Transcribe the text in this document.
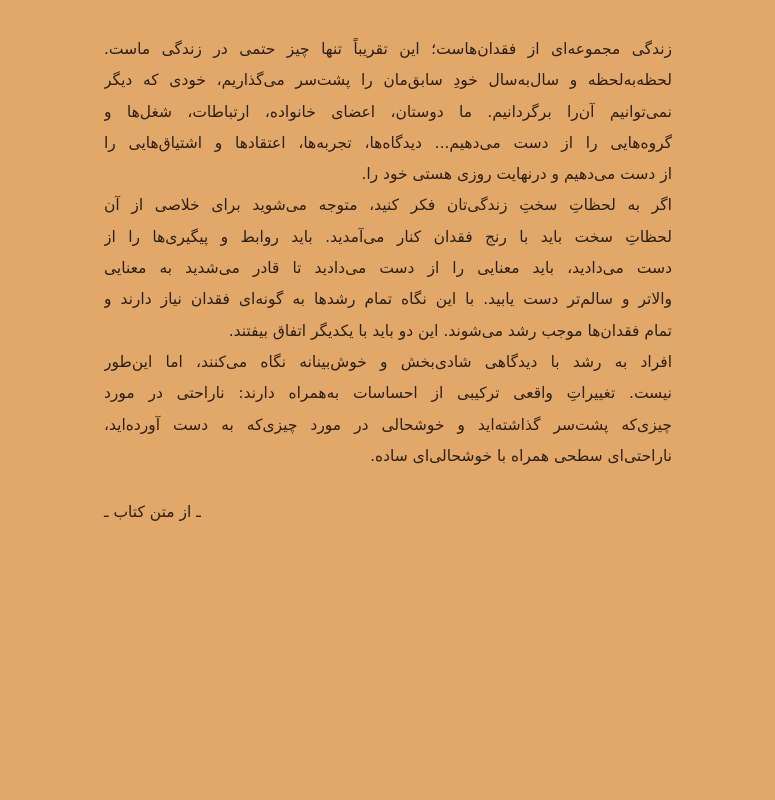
زندگی مجموعه‌ای از فقدان‌هاست؛ این تقریباً تنها چیز حتمی در زندگی ماست.
لحظه‌به‌لحظه و سال‌به‌سال خودِ سابق‌مان را پشت‌سر می‌گذاریم، خودی که دیگر
نمی‌توانیم آن‌را برگردانیم. ما دوستان، اعضای خانواده، ارتباطات، شغل‌ها و
گروه‌هایی را از دست می‌دهیم... دیدگاه‌ها، تجربه‌ها، اعتقادها و اشتیاق‌هایی را
از دست می‌دهیم و درنهایت روزی هستی خود را.
اگر به لحظاتِ سختِ زندگی‌تان فکر کنید، متوجه می‌شوید برای خلاصی از آن
لحظاتِ سخت باید با رنج فقدان کنار می‌آمدید. باید روابط و پیگیری‌ها را از
دست می‌دادید، باید معنایی را از دست می‌دادید تا قادر می‌شدید به معنایی
والاتر و سالم‌تر دست یابید. با این نگاه تمام رشدها به گونه‌ای فقدان نیاز دارند و
تمام فقدان‌ها موجب رشد می‌شوند. این دو باید با یکدیگر اتفاق بیفتند.
افراد به رشد با دیدگاهی شادی‌بخش و خوش‌بینانه نگاه می‌کنند، اما این‌طور
نیست. تغییراتِ واقعی ترکیبی از احساسات به‌همراه دارند: ناراحتی در مورد
چیزی‌که پشت‌سر گذاشته‌اید و خوشحالی در مورد چیزی‌که به دست آورده‌اید،
ناراحتی‌ای سطحی همراه با خوشحالی‌ای ساده.
ـ از متن کتاب ـ
